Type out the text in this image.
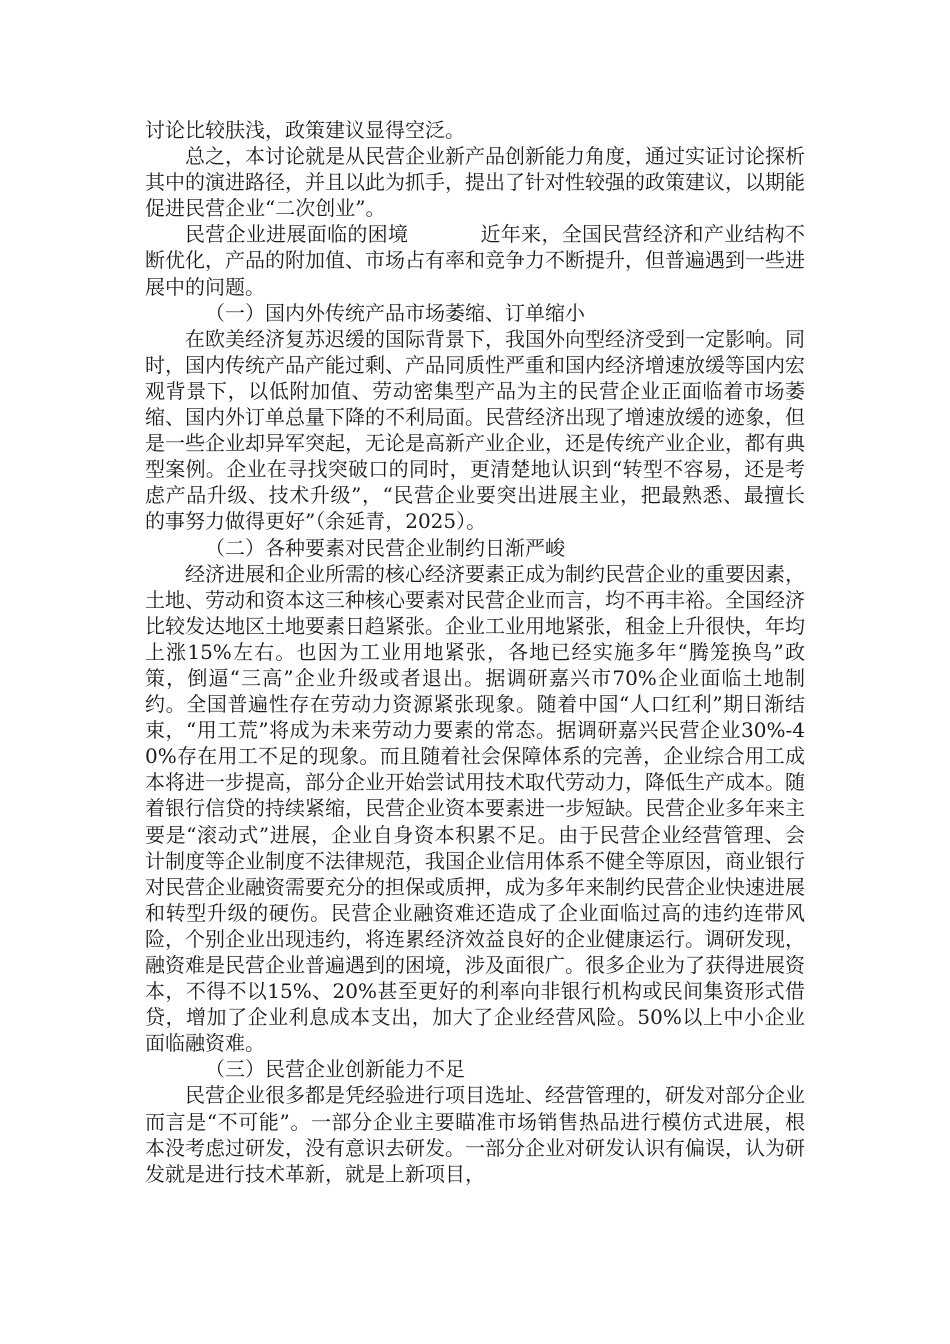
讨论比较肤浅，政策建议显得空泛。

总之，本讨论就是从民营企业新产品创新能力角度，通过实证讨论探析其中的演进路径，并且以此为抓手，提出了针对性较强的政策建议，以期能促进民营企业“二次创业”。

民营企业进展面临的困境	近年来，全国民营经济和产业结构不断优化，产品的附加值、市场占有率和竞争力不断提升，但普遍遇到一些进展中的问题。

（一）国内外传统产品市场萎缩、订单缩小

在欧美经济复苏迟缓的国际背景下，我国外向型经济受到一定影响。同时，国内传统产品产能过剩、产品同质性严重和国内经济增速放缓等国内宏观背景下，以低附加值、劳动密集型产品为主的民营企业正面临着市场萎缩、国内外订单总量下降的不利局面。民营经济出现了增速放缓的迹象，但是一些企业却异军突起，无论是高新产业企业，还是传统产业企业，都有典型案例。企业在寻找突破口的同时，更清楚地认识到“转型不容易，还是考虑产品升级、技术升级”，“民营企业要突出进展主业，把最熟悉、最擅长的事努力做得更好”（余延青，2025）。

（二）各种要素对民营企业制约日渐严峻

经济进展和企业所需的核心经济要素正成为制约民营企业的重要因素，土地、劳动和资本这三种核心要素对民营企业而言，均不再丰裕。全国经济比较发达地区土地要素日趋紧张。企业工业用地紧张，租金上升很快，年均上涨15%左右。也因为工业用地紧张，各地已经实施多年“腾笼换鸟”政策，倒逼“三高”企业升级或者退出。据调研嘉兴市70%企业面临土地制约。全国普遍性存在劳动力资源紧张现象。随着中国“人口红利”期日渐结束，“用工荒”将成为未来劳动力要素的常态。据调研嘉兴民营企业30%-40%存在用工不足的现象。而且随着社会保障体系的完善，企业综合用工成本将进一步提高，部分企业开始尝试用技术取代劳动力，降低生产成本。随着银行信贷的持续紧缩，民营企业资本要素进一步短缺。民营企业多年来主要是“滚动式”进展，企业自身资本积累不足。由于民营企业经营管理、会计制度等企业制度不法律规范，我国企业信用体系不健全等原因，商业银行对民营企业融资需要充分的担保或质押，成为多年来制约民营企业快速进展和转型升级的硬伤。民营企业融资难还造成了企业面临过高的违约连带风险，个别企业出现违约，将连累经济效益良好的企业健康运行。调研发现，融资难是民营企业普遍遇到的困境，涉及面很广。很多企业为了获得进展资本，不得不以15%、20%甚至更好的利率向非银行机构或民间集资形式借贷，增加了企业利息成本支出，加大了企业经营风险。50%以上中小企业面临融资难。

（三）民营企业创新能力不足

民营企业很多都是凭经验进行项目选址、经营管理的，研发对部分企业而言是“不可能”。一部分企业主要瞄准市场销售热品进行模仿式进展，根本没考虑过研发，没有意识去研发。一部分企业对研发认识有偏误，认为研发就是进行技术革新，就是上新项目，
